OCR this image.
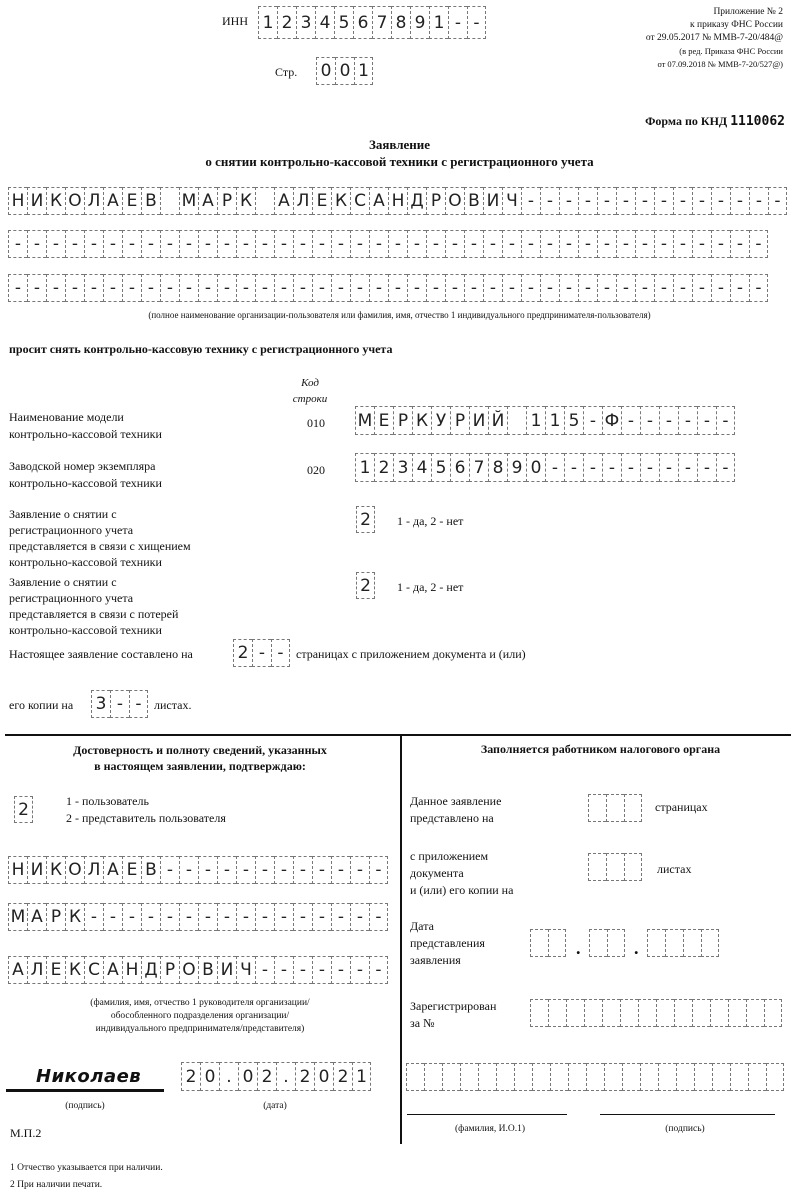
ИНН 1 2 3 4 5 6 7 8 9 1 - -
Стр. 0 0 1
Приложение № 2
к приказу ФНС России
от 29.05.2017 № ММВ-7-20/484@
(в ред. Приказа ФНС России
от 07.09.2018 № ММВ-7-20/527@)
Форма по КНД 1110062
Заявление
о снятии контрольно-кассовой техники с регистрационного учета
Н И К О Л А Е В М А Р К А Л Е К С А Н Д Р О В И Ч - - - - - - - - - - - - - -
- - - - - - - - - - - - - - - - - - - - - - - - - - - - - - - - - - - - - - - -
- - - - - - - - - - - - - - - - - - - - - - - - - - - - - - - - - - - - - - - -
(полное наименование организации-пользователя или фамилия, имя, отчество 1 индивидуального предпринимателя-пользователя)
просит снять контрольно-кассовую технику с регистрационного учета
Код
строки
Наименование модели
контрольно-кассовой техники
010 М Е Р К У Р И Й 1 1 5 - Ф - - - - - -
Заводской номер экземпляра
контрольно-кассовой техники
020 1 2 3 4 5 6 7 8 9 0 - - - - - - - - - -
Заявление о снятии с
регистрационного учета
представляется в связи с хищением
контрольно-кассовой техники
2	1 - да, 2 - нет
Заявление о снятии с
регистрационного учета
представляется в связи с потерей
контрольно-кассовой техники
2	1 - да, 2 - нет
Настоящее заявление составлено на	2 - -	страницах с приложением документа и (или)
его копии на 3 - -	листах.
Достоверность и полноту сведений, указанных
в настоящем заявлении, подтверждаю:
2	1 - пользователь
2 - представитель пользователя
Н И К О Л А Е В - - - - - - - - - - - -
М А Р К - - - - - - - - - - - - - - - -
А Л Е К С А Н Д Р О В И Ч - - - - - - -
(фамилия, имя, отчество 1 руководителя организации/
обособленного подразделения организации/
индивидуального предпринимателя/представителя)
Николаев
(подпись)
2 0 . 0 2 . 2 0 2 1
(дата)
М.П.2
Заполняется работником налогового органа
Данное заявление
представлено на
страницах
с приложением
документа
и (или) его копии на
листах
Дата
представления
заявления
.	.
Зарегистрирован
за №
(фамилия, И.О.1)	(подпись)
1 Отчество указывается при наличии.
2 При наличии печати.
